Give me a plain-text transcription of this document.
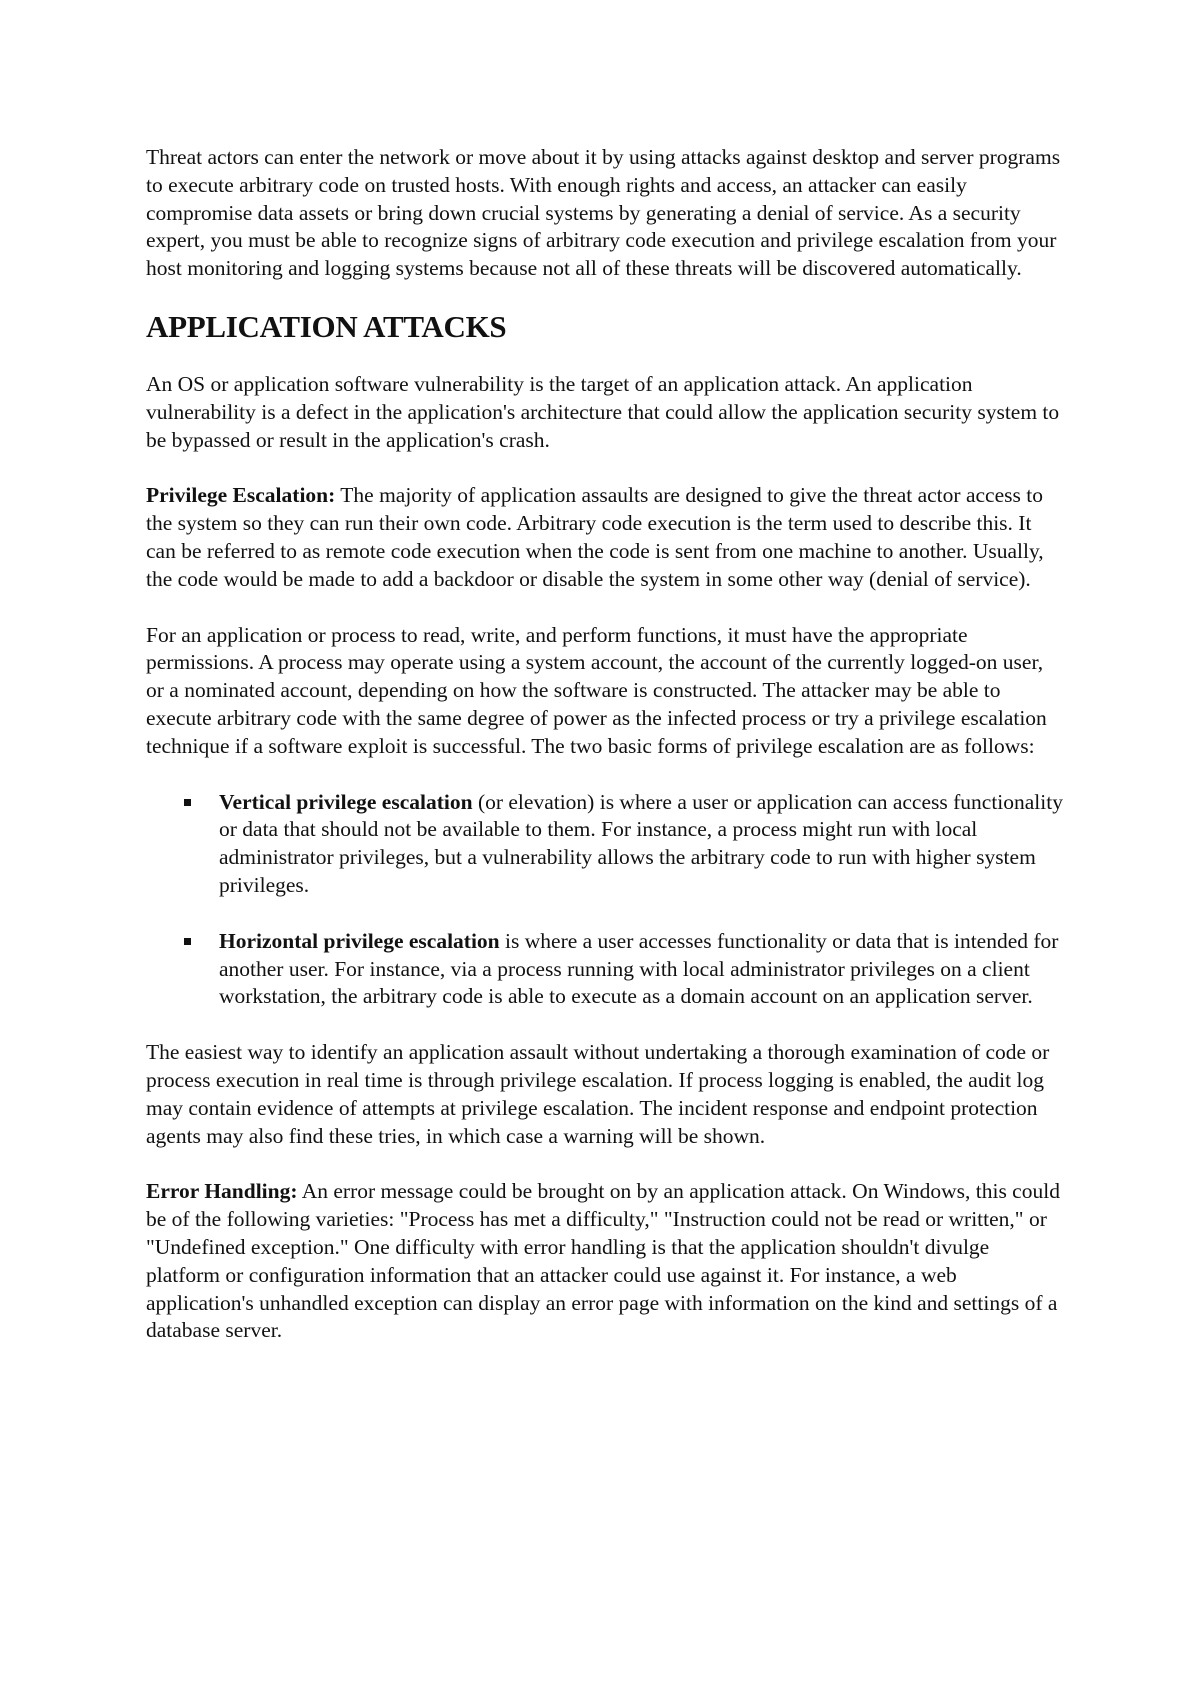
Threat actors can enter the network or move about it by using attacks against desktop and server programs to execute arbitrary code on trusted hosts. With enough rights and access, an attacker can easily compromise data assets or bring down crucial systems by generating a denial of service. As a security expert, you must be able to recognize signs of arbitrary code execution and privilege escalation from your host monitoring and logging systems because not all of these threats will be discovered automatically.

APPLICATION ATTACKS

An OS or application software vulnerability is the target of an application attack. An application vulnerability is a defect in the application's architecture that could allow the application security system to be bypassed or result in the application's crash.

Privilege Escalation: The majority of application assaults are designed to give the threat actor access to the system so they can run their own code. Arbitrary code execution is the term used to describe this. It can be referred to as remote code execution when the code is sent from one machine to another. Usually, the code would be made to add a backdoor or disable the system in some other way (denial of service).

For an application or process to read, write, and perform functions, it must have the appropriate permissions. A process may operate using a system account, the account of the currently logged-on user, or a nominated account, depending on how the software is constructed. The attacker may be able to execute arbitrary code with the same degree of power as the infected process or try a privilege escalation technique if a software exploit is successful. The two basic forms of privilege escalation are as follows:

Vertical privilege escalation (or elevation) is where a user or application can access functionality or data that should not be available to them. For instance, a process might run with local administrator privileges, but a vulnerability allows the arbitrary code to run with higher system privileges.
Horizontal privilege escalation is where a user accesses functionality or data that is intended for another user. For instance, via a process running with local administrator privileges on a client workstation, the arbitrary code is able to execute as a domain account on an application server.

The easiest way to identify an application assault without undertaking a thorough examination of code or process execution in real time is through privilege escalation. If process logging is enabled, the audit log may contain evidence of attempts at privilege escalation. The incident response and endpoint protection agents may also find these tries, in which case a warning will be shown.

Error Handling: An error message could be brought on by an application attack. On Windows, this could be of the following varieties: "Process has met a difficulty," "Instruction could not be read or written," or "Undefined exception." One difficulty with error handling is that the application shouldn't divulge platform or configuration information that an attacker could use against it. For instance, a web application's unhandled exception can display an error page with information on the kind and settings of a database server.
